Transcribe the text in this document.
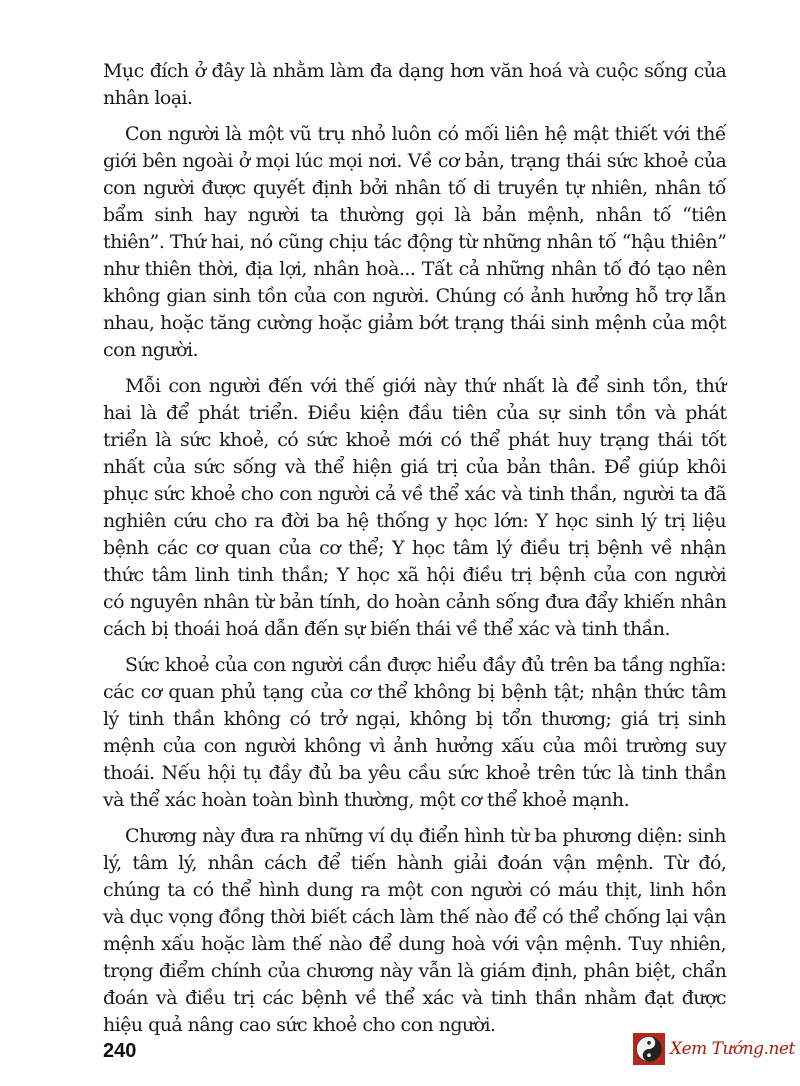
Mục đích ở đây là nhằm làm đa dạng hơn văn hoá và cuộc sống của
nhân loại.
Con người là một vũ trụ nhỏ luôn có mối liên hệ mật thiết với thế
giới bên ngoài ở mọi lúc mọi nơi. Về cơ bản, trạng thái sức khoẻ của
con người được quyết định bởi nhân tố di truyền tự nhiên, nhân tố
bẩm sinh hay người ta thường gọi là bản mệnh, nhân tố “tiên
thiên”. Thứ hai, nó cũng chịu tác động từ những nhân tố “hậu thiên”
như thiên thời, địa lợi, nhân hoà... Tất cả những nhân tố đó tạo nên
không gian sinh tồn của con người. Chúng có ảnh hưởng hỗ trợ lẫn
nhau, hoặc tăng cường hoặc giảm bớt trạng thái sinh mệnh của một
con người.
Mỗi con người đến với thế giới này thứ nhất là để sinh tồn, thứ
hai là để phát triển. Điều kiện đầu tiên của sự sinh tồn và phát
triển là sức khoẻ, có sức khoẻ mới có thể phát huy trạng thái tốt
nhất của sức sống và thể hiện giá trị của bản thân. Để giúp khôi
phục sức khoẻ cho con người cả về thể xác và tinh thần, người ta đã
nghiên cứu cho ra đời ba hệ thống y học lớn: Y học sinh lý trị liệu
bệnh các cơ quan của cơ thể; Y học tâm lý điều trị bệnh về nhận
thức tâm linh tinh thần; Y học xã hội điều trị bệnh của con người
có nguyên nhân từ bản tính, do hoàn cảnh sống đưa đẩy khiến nhân
cách bị thoái hoá dẫn đến sự biến thái về thể xác và tinh thần.
Sức khoẻ của con người cần được hiểu đầy đủ trên ba tầng nghĩa:
các cơ quan phủ tạng của cơ thể không bị bệnh tật; nhận thức tâm
lý tinh thần không có trở ngại, không bị tổn thương; giá trị sinh
mệnh của con người không vì ảnh hưởng xấu của môi trường suy
thoái. Nếu hội tụ đầy đủ ba yêu cầu sức khoẻ trên tức là tinh thần
và thể xác hoàn toàn bình thường, một cơ thể khoẻ mạnh.
Chương này đưa ra những ví dụ điển hình từ ba phương diện: sinh
lý, tâm lý, nhân cách để tiến hành giải đoán vận mệnh. Từ đó,
chúng ta có thể hình dung ra một con người có máu thịt, linh hồn
và dục vọng đồng thời biết cách làm thế nào để có thể chống lại vận
mệnh xấu hoặc làm thế nào để dung hoà với vận mệnh. Tuy nhiên,
trọng điểm chính của chương này vẫn là giám định, phân biệt, chẩn
đoán và điều trị các bệnh về thể xác và tinh thần nhằm đạt được
hiệu quả nâng cao sức khoẻ cho con người.
240	Xem Tướng.net
